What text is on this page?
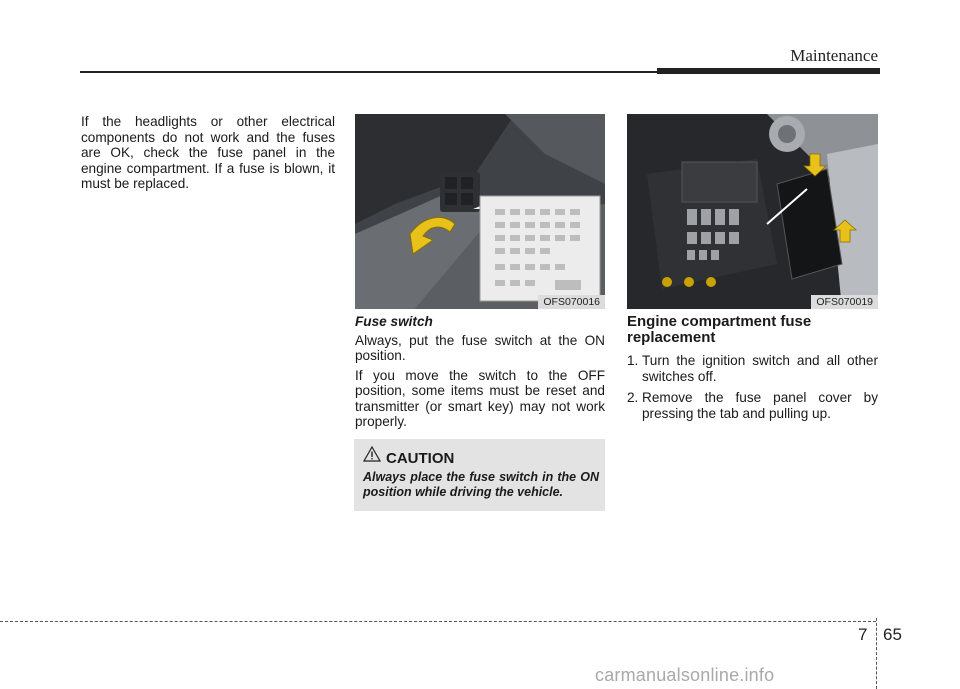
Maintenance

If the headlights or other electrical components do not work and the fuses are OK, check the fuse panel in the engine compartment. If a fuse is blown, it must be replaced.

OFS070016
Fuse switch

Always, put the fuse switch at the ON position.

If you move the switch to the OFF position, some items must be reset and transmitter (or smart key) may not work properly.

CAUTION
Always place the fuse switch in the ON position while driving the vehicle.
OFS070019
Engine compartment fuse replacement
1. Turn the ignition switch and all other switches off.
2. Remove the fuse panel cover by pressing the tab and pulling up.
7 65
carmanualsonline.info
